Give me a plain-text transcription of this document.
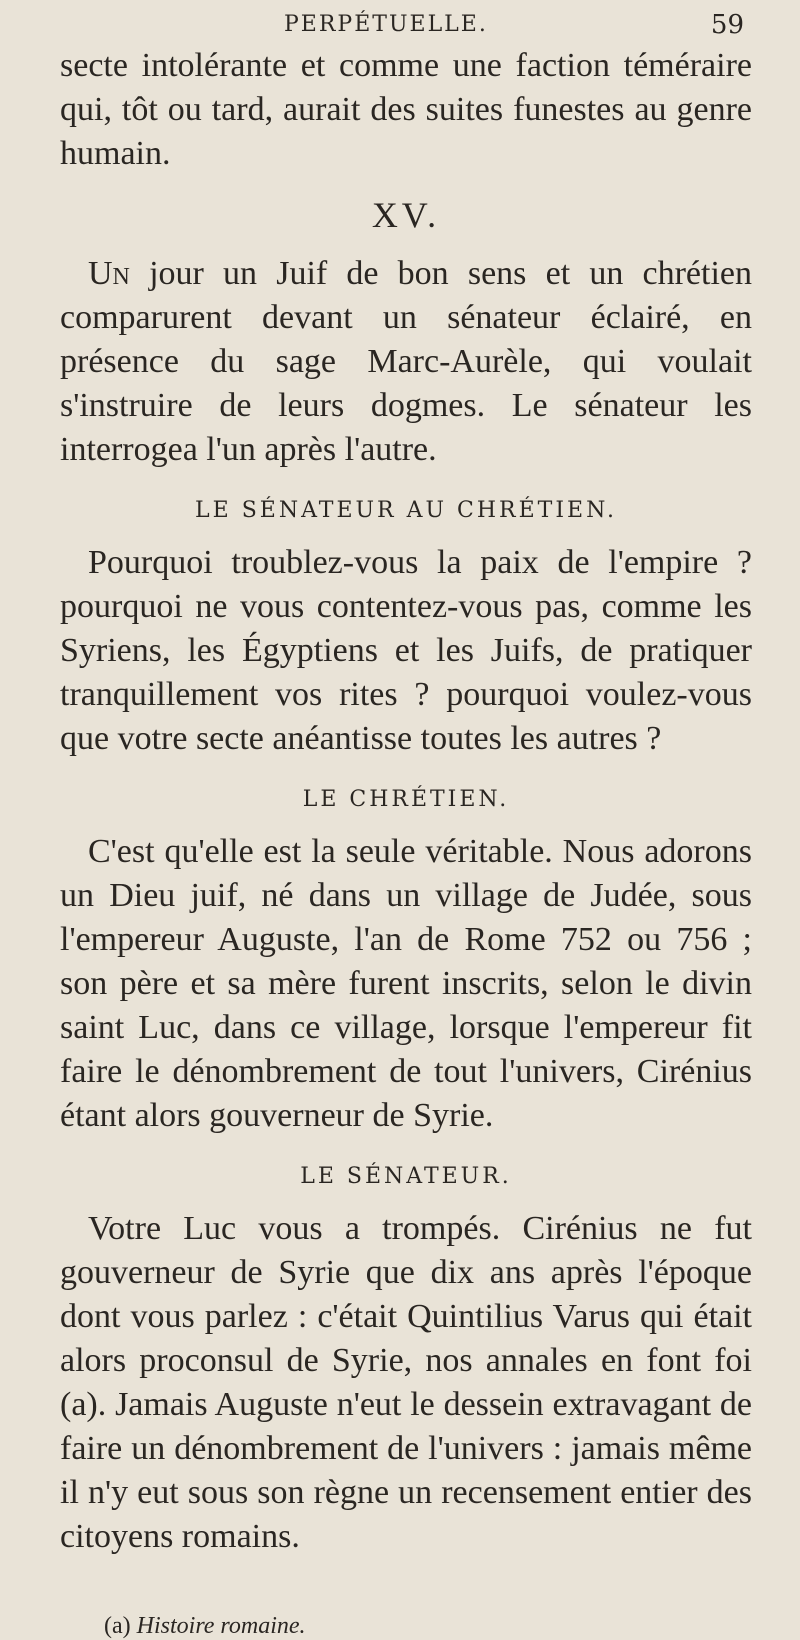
PERPÉTUELLE.	59

secte intolérante et comme une faction téméraire qui, tôt ou tard, aurait des suites funestes au genre humain.

XV.

Un jour un Juif de bon sens et un chrétien comparurent devant un sénateur éclairé, en présence du sage Marc-Aurèle, qui voulait s'instruire de leurs dogmes. Le sénateur les interrogea l'un après l'autre.

LE SÉNATEUR AU CHRÉTIEN.

Pourquoi troublez-vous la paix de l'empire ? pourquoi ne vous contentez-vous pas, comme les Syriens, les Égyptiens et les Juifs, de pratiquer tranquillement vos rites ? pourquoi voulez-vous que votre secte anéantisse toutes les autres ?

LE CHRÉTIEN.

C'est qu'elle est la seule véritable. Nous adorons un Dieu juif, né dans un village de Judée, sous l'empereur Auguste, l'an de Rome 752 ou 756 ; son père et sa mère furent inscrits, selon le divin saint Luc, dans ce village, lorsque l'empereur fit faire le dénombrement de tout l'univers, Cirénius étant alors gouverneur de Syrie.

LE SÉNATEUR.

Votre Luc vous a trompés. Cirénius ne fut gouverneur de Syrie que dix ans après l'époque dont vous parlez : c'était Quintilius Varus qui était alors proconsul de Syrie, nos annales en font foi (a). Jamais Auguste n'eut le dessein extravagant de faire un dénombrement de l'univers : jamais même il n'y eut sous son règne un recensement entier des citoyens romains.

(a) Histoire romaine.
